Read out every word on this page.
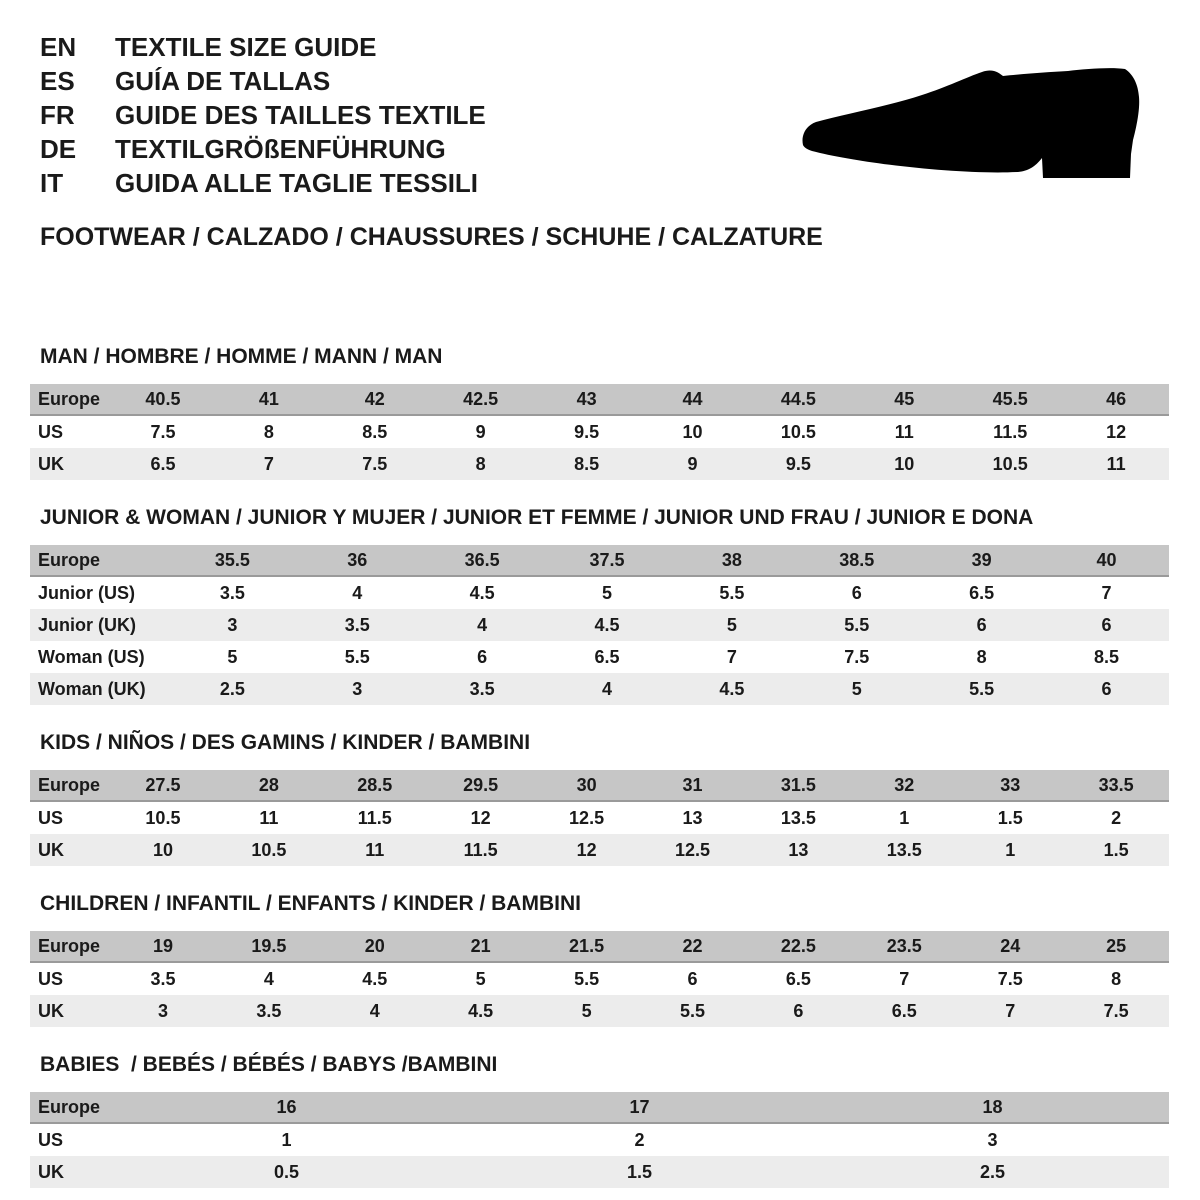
EN	TEXTILE SIZE GUIDE
ES	GUÍA DE TALLAS
FR	GUIDE DES TAILLES TEXTILE
DE	TEXTILGRÖßENFÜHRUNG
IT	GUIDA ALLE TAGLIE TESSILI
FOOTWEAR / CALZADO / CHAUSSURES / SCHUHE / CALZATURE
MAN / HOMBRE / HOMME / MANN / MAN
Europe	40.5	41	42	42.5	43	44	44.5	45	45.5	46
US	7.5	8	8.5	9	9.5	10	10.5	11	11.5	12
UK	6.5	7	7.5	8	8.5	9	9.5	10	10.5	11
JUNIOR & WOMAN / JUNIOR Y MUJER / JUNIOR ET FEMME / JUNIOR UND FRAU / JUNIOR E DONA
Europe	35.5	36	36.5	37.5	38	38.5	39	40
Junior (US)	3.5	4	4.5	5	5.5	6	6.5	7
Junior (UK)	3	3.5	4	4.5	5	5.5	6	6
Woman (US)	5	5.5	6	6.5	7	7.5	8	8.5
Woman (UK)	2.5	3	3.5	4	4.5	5	5.5	6
KIDS / NIÑOS / DES GAMINS / KINDER / BAMBINI
Europe	27.5	28	28.5	29.5	30	31	31.5	32	33	33.5
US	10.5	11	11.5	12	12.5	13	13.5	1	1.5	2
UK	10	10.5	11	11.5	12	12.5	13	13.5	1	1.5
CHILDREN / INFANTIL / ENFANTS / KINDER / BAMBINI
Europe	19	19.5	20	21	21.5	22	22.5	23.5	24	25
US	3.5	4	4.5	5	5.5	6	6.5	7	7.5	8
UK	3	3.5	4	4.5	5	5.5	6	6.5	7	7.5
BABIES  / BEBÉS / BÉBÉS / BABYS /BAMBINI
Europe	16	17	18
US	1	2	3
UK	0.5	1.5	2.5
